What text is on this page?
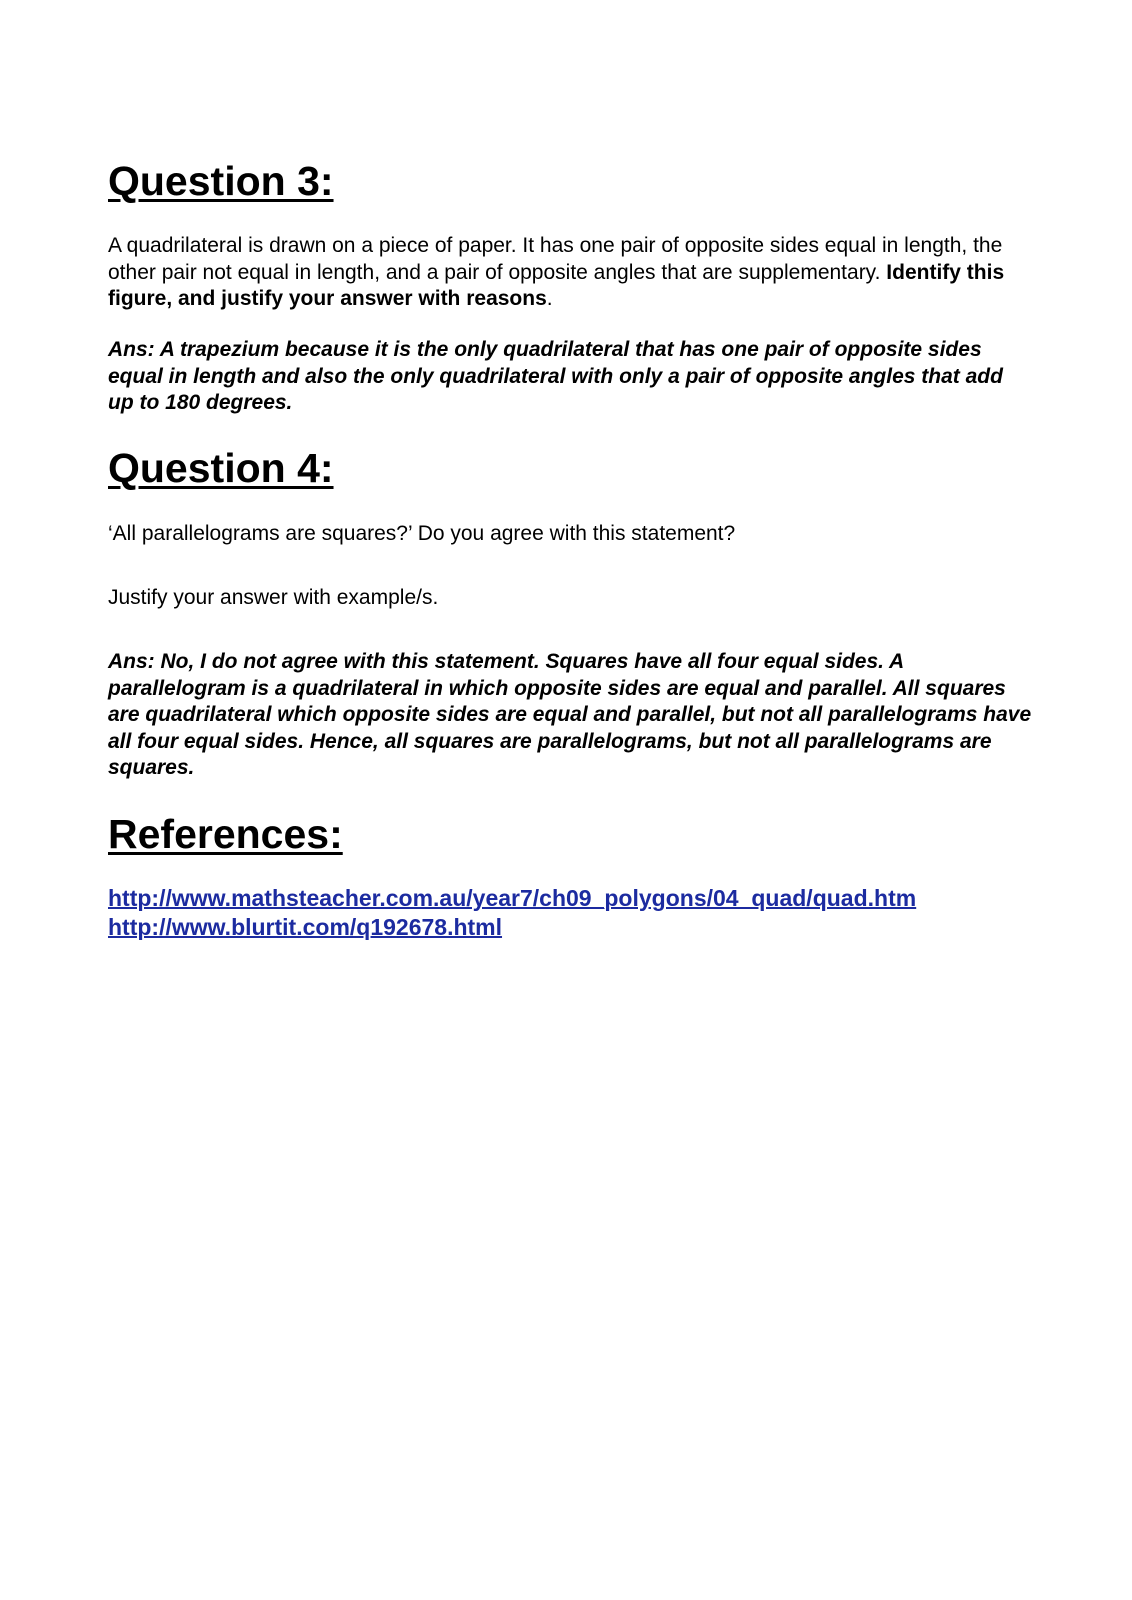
Question 3:

A quadrilateral is drawn on a piece of paper. It has one pair of opposite sides equal in length, the other pair not equal in length, and a pair of opposite angles that are supplementary. Identify this figure, and justify your answer with reasons.

Ans: A trapezium because it is the only quadrilateral that has one pair of opposite sides equal in length and also the only quadrilateral with only a pair of opposite angles that add up to 180 degrees.

Question 4:

‘All parallelograms are squares?’ Do you agree with this statement?

Justify your answer with example/s.

Ans: No, I do not agree with this statement. Squares have all four equal sides. A parallelogram is a quadrilateral in which opposite sides are equal and parallel. All squares are quadrilateral which opposite sides are equal and parallel, but not all parallelograms have all four equal sides. Hence, all squares are parallelograms, but not all parallelograms are squares.

References:
http://www.mathsteacher.com.au/year7/ch09_polygons/04_quad/quad.htm
http://www.blurtit.com/q192678.html
